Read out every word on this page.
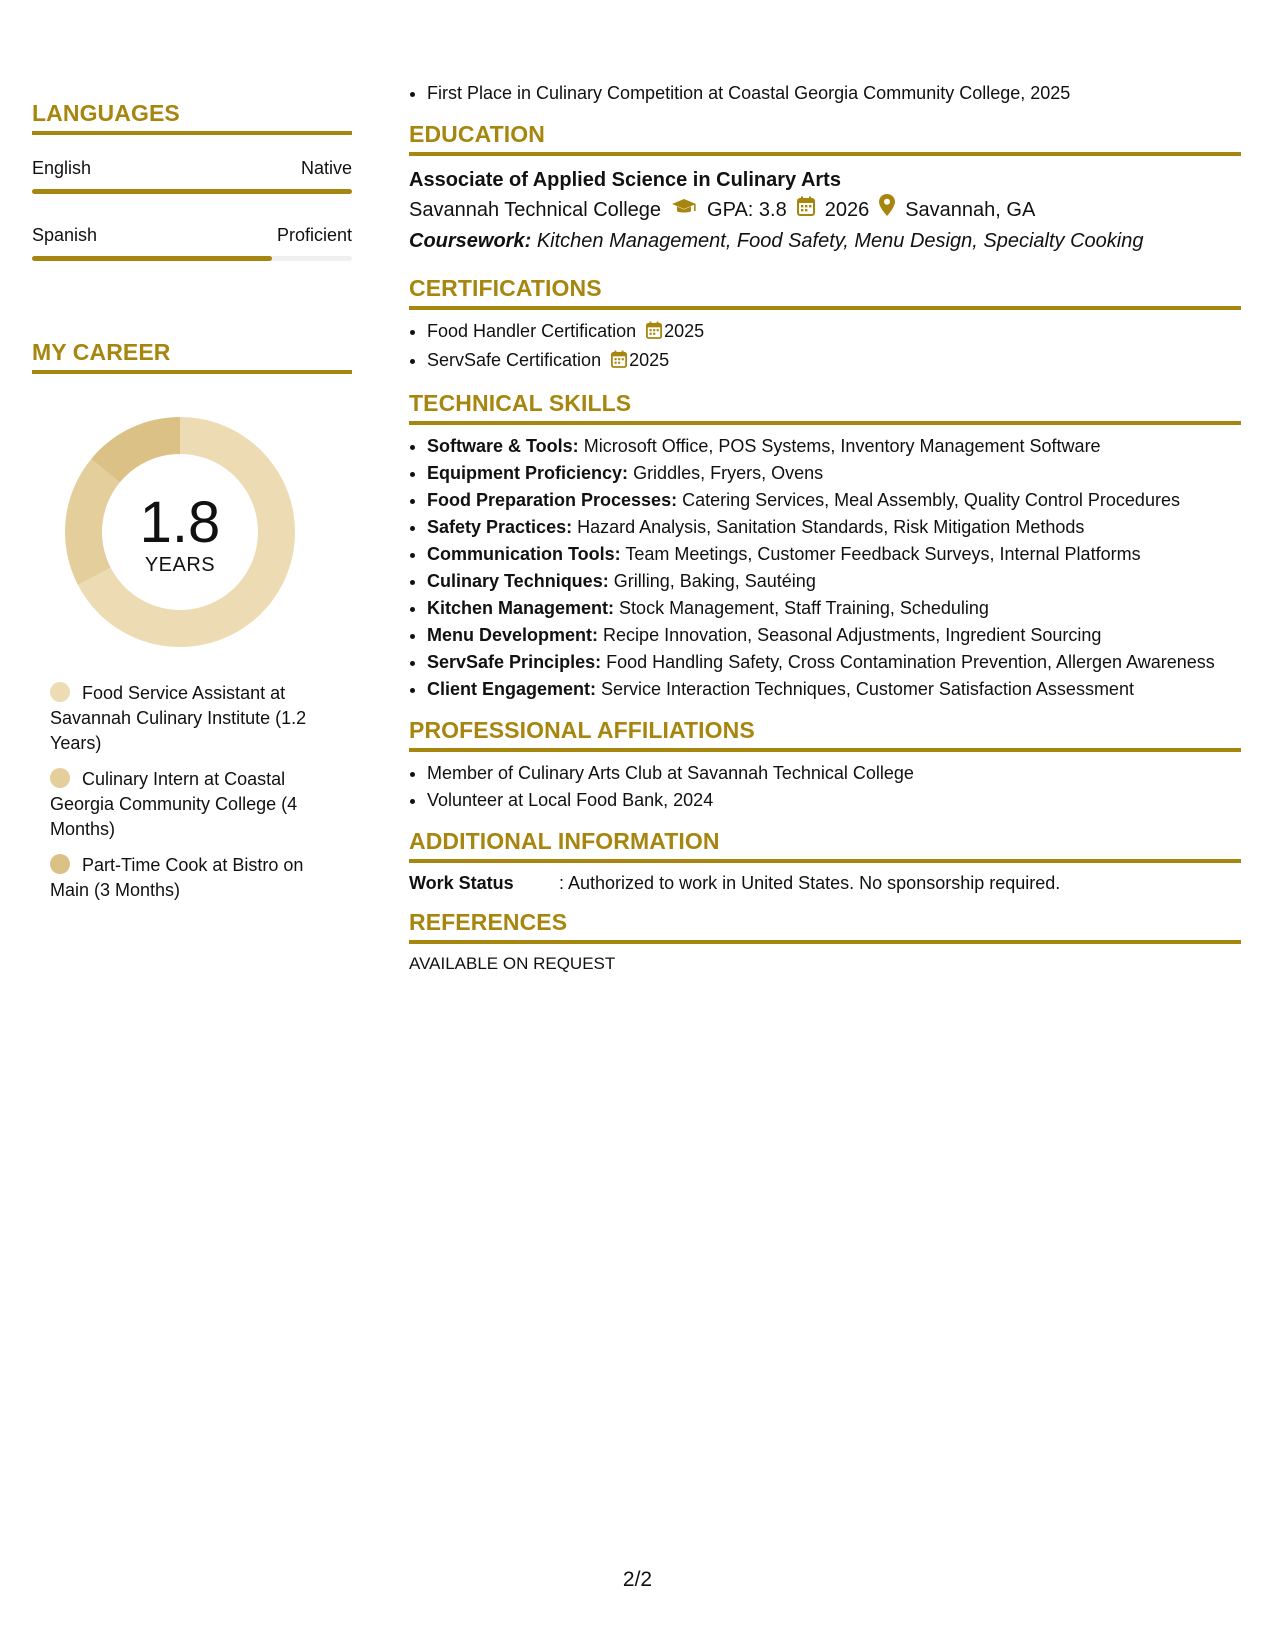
LANGUAGES
English	Native
Spanish	Proficient
MY CAREER
1.8
YEARS
Food Service Assistant at Savannah Culinary Institute (1.2 Years)
Culinary Intern at Coastal Georgia Community College (4 Months)
Part-Time Cook at Bistro on Main (3 Months)
• First Place in Culinary Competition at Coastal Georgia Community College, 2025
EDUCATION
Associate of Applied Science in Culinary Arts
Savannah Technical College GPA: 3.8 2026 Savannah, GA
Coursework: Kitchen Management, Food Safety, Menu Design, Specialty Cooking
CERTIFICATIONS
• Food Handler Certification 2025
• ServSafe Certification 2025
TECHNICAL SKILLS
• Software & Tools: Microsoft Office, POS Systems, Inventory Management Software
• Equipment Proficiency: Griddles, Fryers, Ovens
• Food Preparation Processes: Catering Services, Meal Assembly, Quality Control Procedures
• Safety Practices: Hazard Analysis, Sanitation Standards, Risk Mitigation Methods
• Communication Tools: Team Meetings, Customer Feedback Surveys, Internal Platforms
• Culinary Techniques: Grilling, Baking, Sautéing
• Kitchen Management: Stock Management, Staff Training, Scheduling
• Menu Development: Recipe Innovation, Seasonal Adjustments, Ingredient Sourcing
• ServSafe Principles: Food Handling Safety, Cross Contamination Prevention, Allergen Awareness
• Client Engagement: Service Interaction Techniques, Customer Satisfaction Assessment
PROFESSIONAL AFFILIATIONS
• Member of Culinary Arts Club at Savannah Technical College
• Volunteer at Local Food Bank, 2024
ADDITIONAL INFORMATION
Work Status	: Authorized to work in United States. No sponsorship required.
REFERENCES
AVAILABLE ON REQUEST
2/2
